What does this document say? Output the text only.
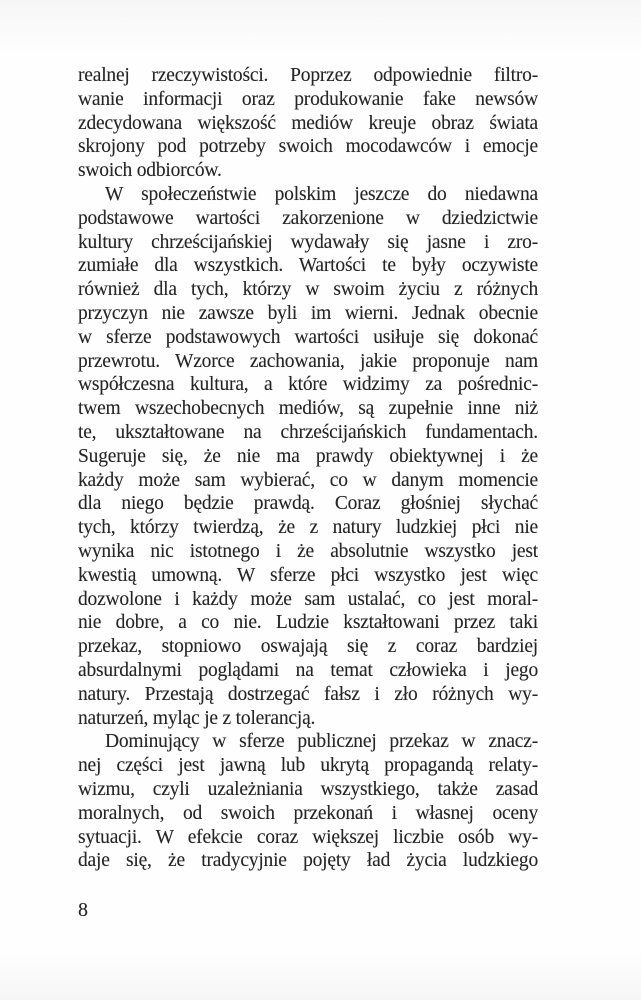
realnej rzeczywistości. Poprzez odpowiednie filtro-
wanie informacji oraz produkowanie fake newsów
zdecydowana większość mediów kreuje obraz świata
skrojony pod potrzeby swoich mocodawców i emocje
swoich odbiorców.
W społeczeństwie polskim jeszcze do niedawna
podstawowe wartości zakorzenione w dziedzictwie
kultury chrześcijańskiej wydawały się jasne i zro-
zumiałe dla wszystkich. Wartości te były oczywiste
również dla tych, którzy w swoim życiu z różnych
przyczyn nie zawsze byli im wierni. Jednak obecnie
w sferze podstawowych wartości usiłuje się dokonać
przewrotu. Wzorce zachowania, jakie proponuje nam
współczesna kultura, a które widzimy za pośrednic-
twem wszechobecnych mediów, są zupełnie inne niż
te, ukształtowane na chrześcijańskich fundamentach.
Sugeruje się, że nie ma prawdy obiektywnej i że
każdy może sam wybierać, co w danym momencie
dla niego będzie prawdą. Coraz głośniej słychać
tych, którzy twierdzą, że z natury ludzkiej płci nie
wynika nic istotnego i że absolutnie wszystko jest
kwestią umowną. W sferze płci wszystko jest więc
dozwolone i każdy może sam ustalać, co jest moral-
nie dobre, a co nie. Ludzie kształtowani przez taki
przekaz, stopniowo oswajają się z coraz bardziej
absurdalnymi poglądami na temat człowieka i jego
natury. Przestają dostrzegać fałsz i zło różnych wy-
naturzeń, myląc je z tolerancją.
Dominujący w sferze publicznej przekaz w znacz-
nej części jest jawną lub ukrytą propagandą relaty-
wizmu, czyli uzależniania wszystkiego, także zasad
moralnych, od swoich przekonań i własnej oceny
sytuacji. W efekcie coraz większej liczbie osób wy-
daje się, że tradycyjnie pojęty ład życia ludzkiego
8
